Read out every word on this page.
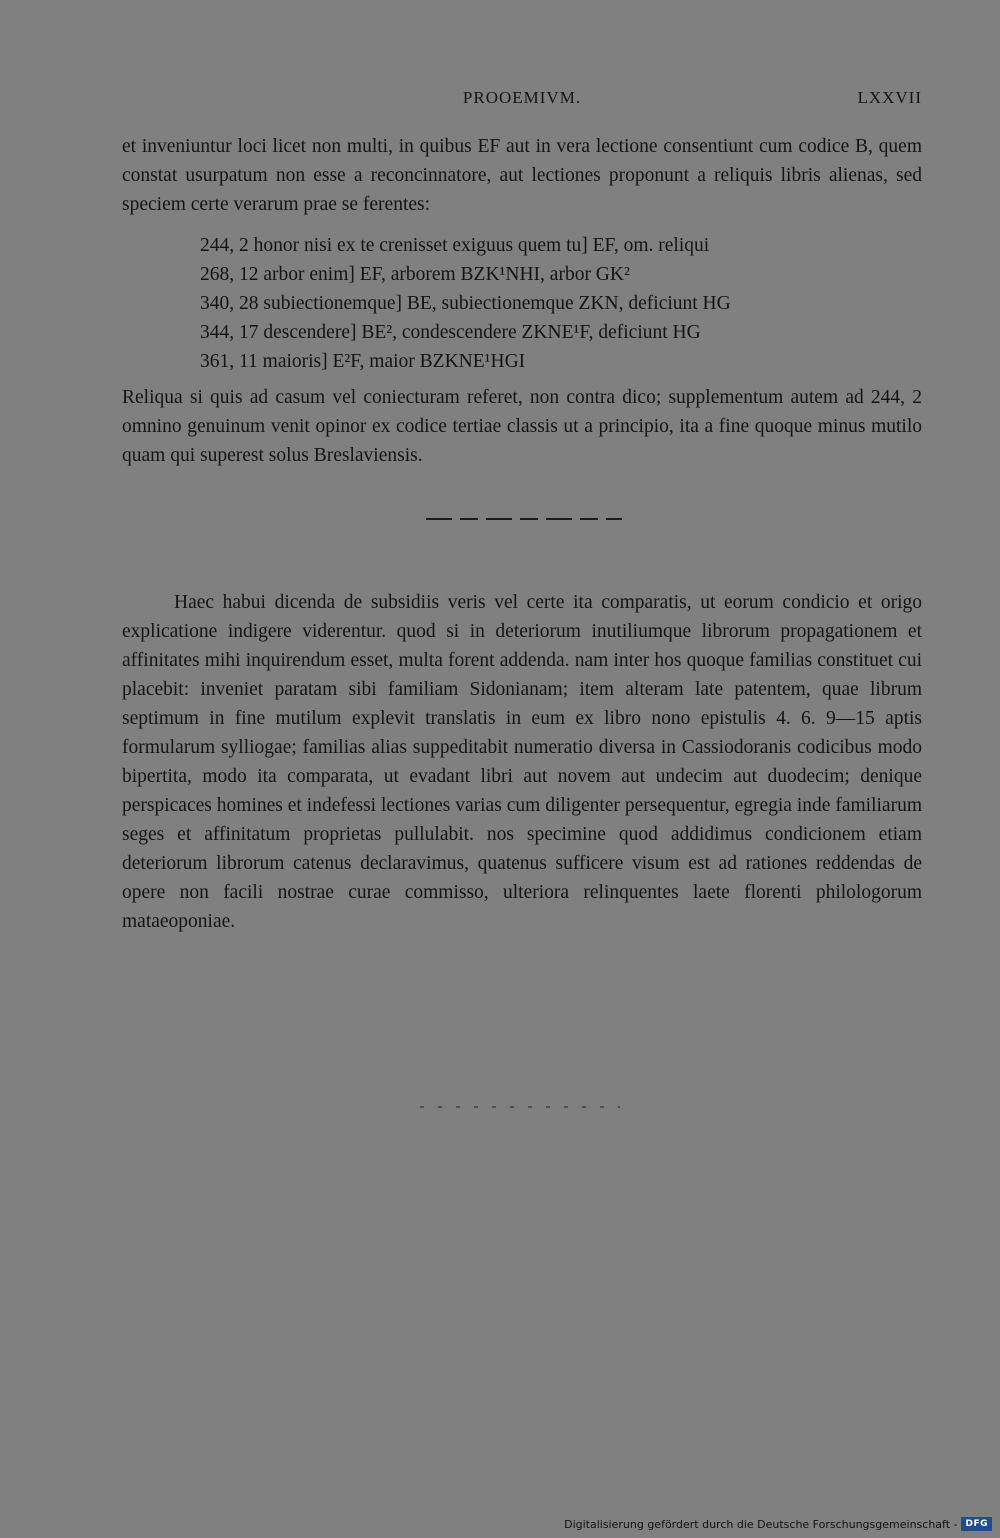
PROOEMIVM.	LXXVII
et inveniuntur loci licet non multi, in quibus EF aut in vera lectione consentiunt cum codice B, quem constat usurpatum non esse a reconcinnatore, aut lectiones proponunt a reliquis libris alienas, sed speciem certe verarum prae se ferentes:
244, 2 honor nisi ex te crenisset exiguus quem tu] EF, om. reliqui
268, 12 arbor enim] EF, arborem BZK¹NHI, arbor GK²
340, 28 subiectionemque] BE, subiectionemque ZKN, deficiunt HG
344, 17 descendere] BE², condescendere ZKNE¹F, deficiunt HG
361, 11 maioris] E²F, maior BZKNE¹HGI
Reliqua si quis ad casum vel coniecturam referet, non contra dico; supplementum autem ad 244, 2 omnino genuinum venit opinor ex codice tertiae classis ut a principio, ita a fine quoque minus mutilo quam qui superest solus Breslaviensis.
Haec habui dicenda de subsidiis veris vel certe ita comparatis, ut eorum condicio et origo explicatione indigere viderentur. quod si in deteriorum inutiliumque librorum propagationem et affinitates mihi inquirendum esset, multa forent addenda. nam inter hos quoque familias constituet cui placebit: inveniet paratam sibi familiam Sidonianam; item alteram late patentem, quae librum septimum in fine mutilum explevit translatis in eum ex libro nono epistulis 4. 6. 9—15 aptis formularum sylliogae; familias alias suppeditabit numeratio diversa in Cassiodoranis codicibus modo bipertita, modo ita comparata, ut evadant libri aut novem aut undecim aut duodecim; denique perspicaces homines et indefessi lectiones varias cum diligenter persequentur, egregia inde familiarum seges et affinitatum proprietas pullulabit. nos specimine quod addidimus condicionem etiam deteriorum librorum catenus declaravimus, quatenus sufficere visum est ad rationes reddendas de opere non facili nostrae curae commisso, ulteriora relinquentes laete florenti philologorum mataeoponiae.
Digitalisierung gefördert durch die Deutsche Forschungsgemeinschaft - DFG
